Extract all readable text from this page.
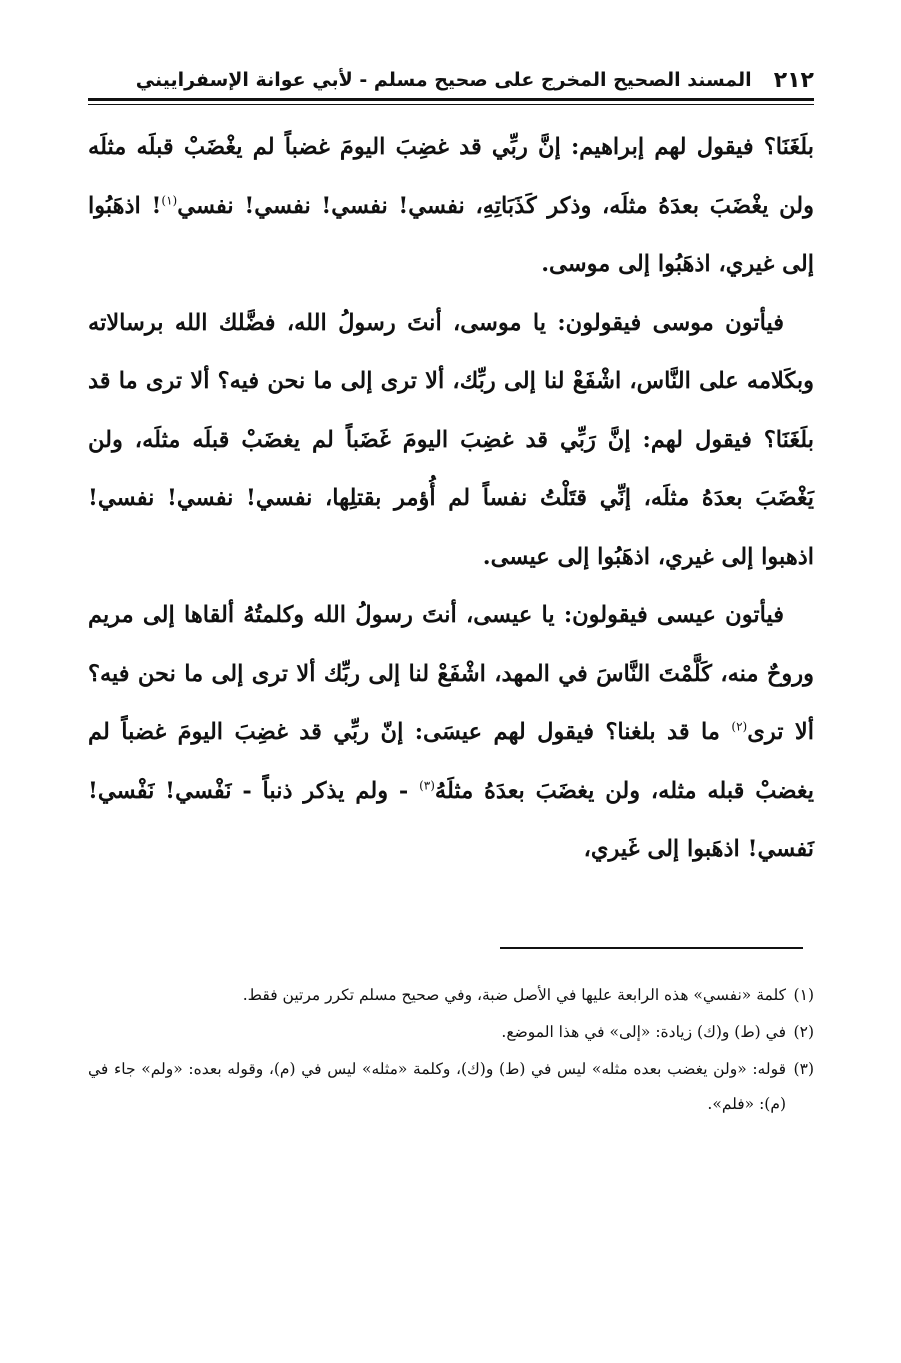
٢١٢
المسند الصحيح المخرج على صحيح مسلم - لأبي عوانة الإسفراييني

بلَغَنَا؟ فيقول لهم إبراهيم: إنَّ ربِّي قد غضِبَ اليومَ غضباً لم يغْضَبْ قبلَه مثلَه ولن يغْضَبَ بعدَهُ مثلَه، وذكر كَذَبَاتِهِ، نفسي! نفسي! نفسي! نفسي$^{(١)}$! اذهَبُوا إلى غيري، اذهَبُوا إلى موسى.

فيأتون موسى فيقولون: يا موسى، أنتَ رسولُ الله، فضَّلك الله برسالاته وبكَلامه على النَّاس، اشْفَعْ لنا إلى ربِّك، ألا ترى إلى ما نحن فيه؟ ألا ترى ما قد بلَغَنَا؟ فيقول لهم: إنَّ رَبِّي قد غضِبَ اليومَ غَضَباً لم يغضَبْ قبلَه مثلَه، ولن يَغْضَبَ بعدَهُ مثلَه، إنِّي قتَلْتُ نفساً لم أُؤمر بقتلِها، نفسي! نفسي! نفسي! اذهبوا إلى غيري، اذهَبُوا إلى عيسى.

فيأتون عيسى فيقولون: يا عيسى، أنتَ رسولُ الله وكلمتُهُ ألقاها إلى مريم وروحٌ منه، كَلَّمْتَ النَّاسَ في المهد، اشْفَعْ لنا إلى ربِّك ألا ترى إلى ما نحن فيه؟ ألا ترى$^{(٢)}$ ما قد بلغنا؟ فيقول لهم عيسَى: إنّ ربِّي قد غضِبَ اليومَ غضباً لم يغضبْ قبله مثله، ولن يغضَبَ بعدَهُ مثلَهُ$^{(٣)}$ - ولم يذكر ذنباً - نَفْسي! نَفْسي! نَفسي! اذهَبوا إلى غَيري،

(١)
كلمة «نفسي» هذه الرابعة عليها في الأصل ضبة، وفي صحيح مسلم تكرر مرتين فقط.

(٢)
في (ط) و(ك) زيادة: «إلى» في هذا الموضع.

(٣)
قوله: «ولن يغضب بعده مثله» ليس في (ط) و(ك)، وكلمة «مثله» ليس في (م)، وقوله بعده: «ولم» جاء في (م): «فلم».
